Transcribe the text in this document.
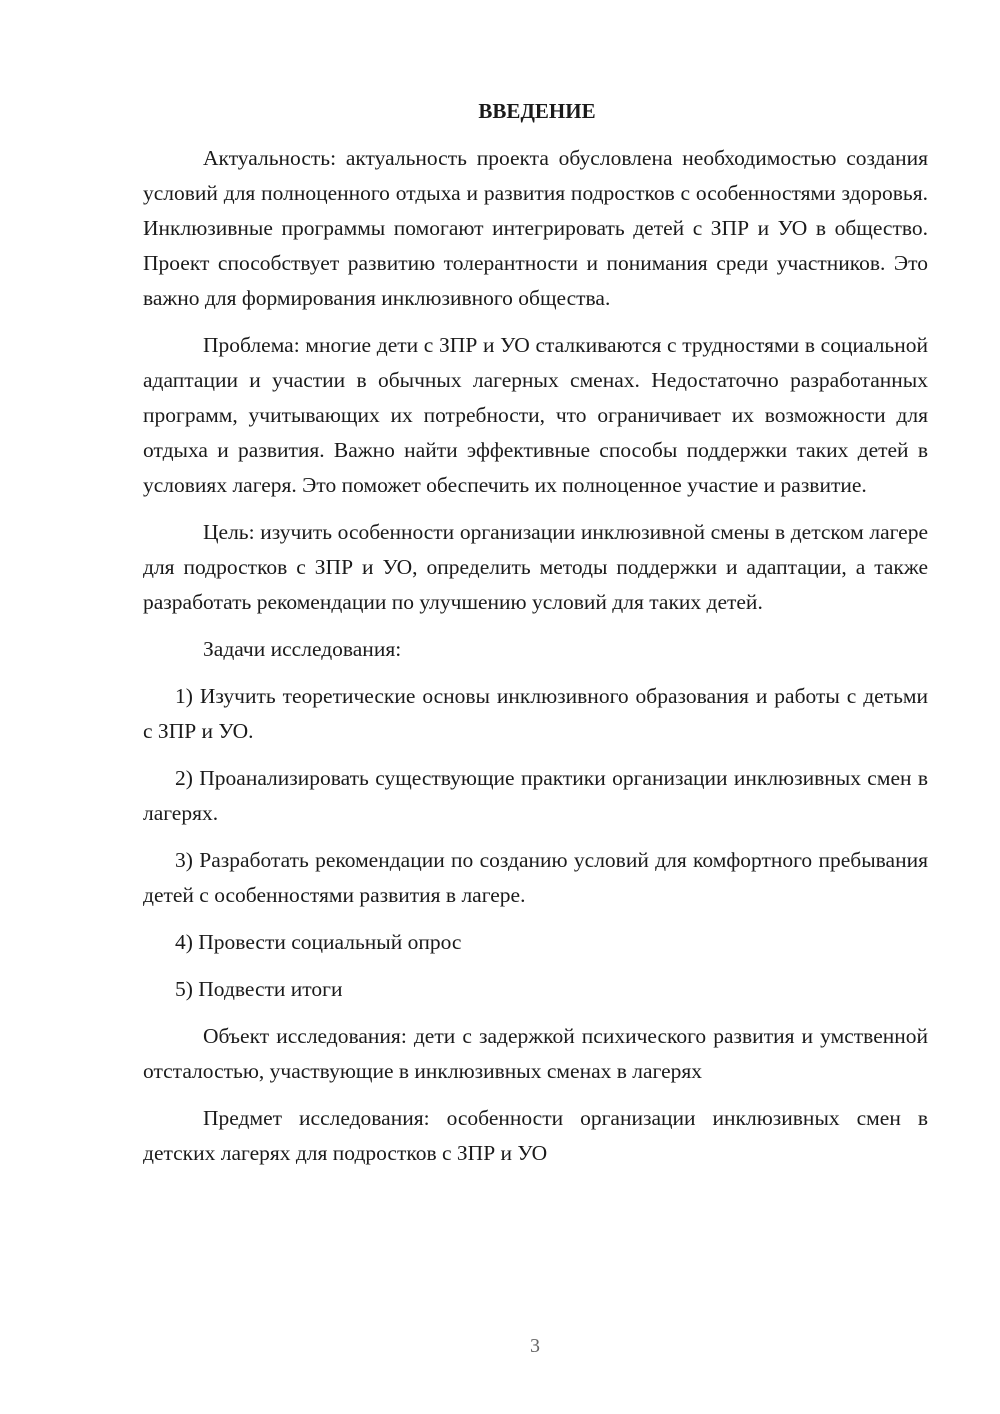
ВВЕДЕНИЕ

Актуальность: актуальность проекта обусловлена необходимостью создания условий для полноценного отдыха и развития подростков с особенностями здоровья. Инклюзивные программы помогают интегрировать детей с ЗПР и УО в общество. Проект способствует развитию толерантности и понимания среди участников. Это важно для формирования инклюзивного общества.

Проблема: многие дети с ЗПР и УО сталкиваются с трудностями в социальной адаптации и участии в обычных лагерных сменах. Недостаточно разработанных программ, учитывающих их потребности, что ограничивает их возможности для отдыха и развития. Важно найти эффективные способы поддержки таких детей в условиях лагеря. Это поможет обеспечить их полноценное участие и развитие.

Цель: изучить особенности организации инклюзивной смены в детском лагере для подростков с ЗПР и УО, определить методы поддержки и адаптации, а также разработать рекомендации по улучшению условий для таких детей.

Задачи исследования:

1) Изучить теоретические основы инклюзивного образования и работы с детьми с ЗПР и УО.

2) Проанализировать существующие практики организации инклюзивных смен в лагерях.

3) Разработать рекомендации по созданию условий для комфортного пребывания детей с особенностями развития в лагере.

4) Провести социальный опрос

5) Подвести итоги

Объект исследования: дети с задержкой психического развития и умственной отсталостью, участвующие в инклюзивных сменах в лагерях

Предмет исследования: особенности организации инклюзивных смен в детских лагерях для подростков с ЗПР и УО

3
